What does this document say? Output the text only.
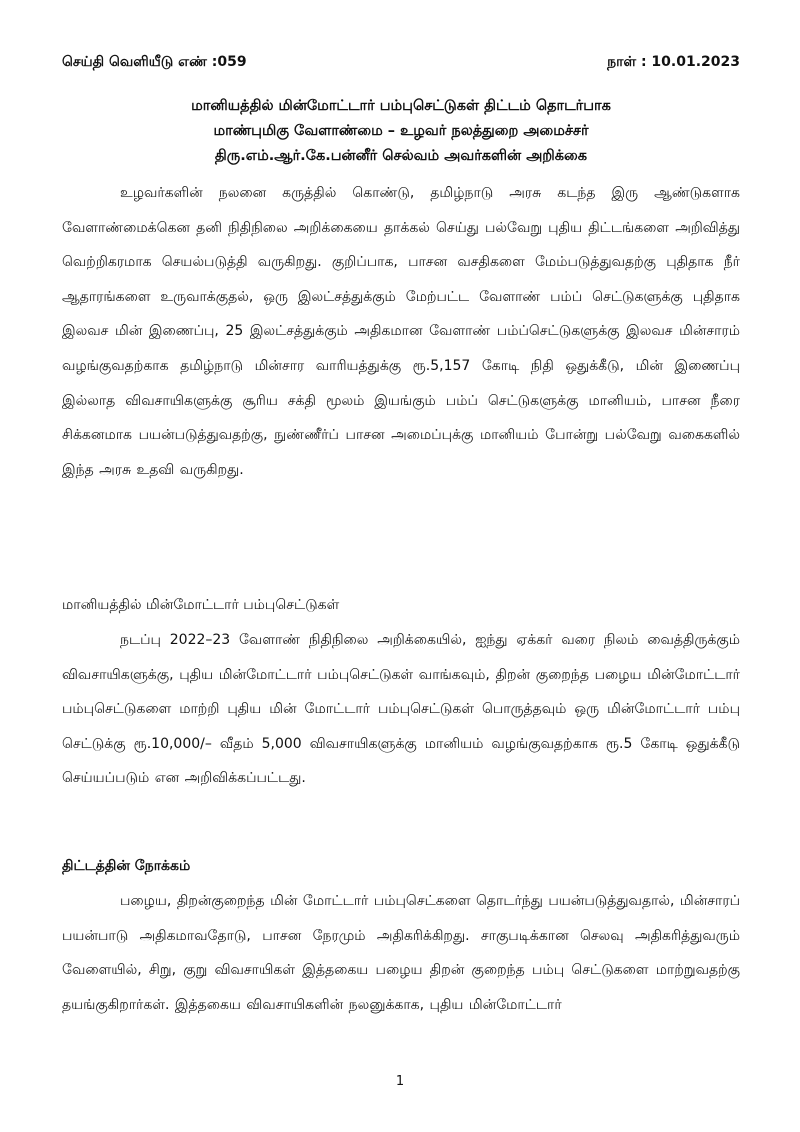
செய்தி வெளியீடு எண் :059	நாள் : 10.01.2023
மானியத்தில் மின்மோட்டார் பம்புசெட்டுகள் திட்டம் தொடர்பாக
மாண்புமிகு வேளாண்மை – உழவர் நலத்துறை அமைச்சர்
திரு.எம்.ஆர்.கே.பன்னீர் செல்வம் அவர்களின் அறிக்கை

உழவர்களின் நலனை கருத்தில் கொண்டு, தமிழ்நாடு அரசு கடந்த இரு ஆண்டுகளாக வேளாண்மைக்கென தனி நிதிநிலை அறிக்கையை தாக்கல் செய்து பல்வேறு புதிய திட்டங்களை அறிவித்து வெற்றிகரமாக செயல்படுத்தி வருகிறது. குறிப்பாக, பாசன வசதிகளை மேம்படுத்துவதற்கு புதிதாக நீர் ஆதாரங்களை உருவாக்குதல், ஒரு இலட்சத்துக்கும் மேற்பட்ட வேளாண் பம்ப் செட்டுகளுக்கு புதிதாக இலவச மின் இணைப்பு, 25 இலட்சத்துக்கும் அதிகமான வேளாண் பம்ப்செட்டுகளுக்கு இலவச மின்சாரம் வழங்குவதற்காக தமிழ்நாடு மின்சார வாரியத்துக்கு ரூ.5,157 கோடி நிதி ஒதுக்கீடு, மின் இணைப்பு இல்லாத விவசாயிகளுக்கு சூரிய சக்தி மூலம் இயங்கும் பம்ப் செட்டுகளுக்கு மானியம், பாசன நீரை சிக்கனமாக பயன்படுத்துவதற்கு, நுண்ணீர்ப் பாசன அமைப்புக்கு மானியம் போன்று பல்வேறு வகைகளில் இந்த அரசு உதவி வருகிறது.

மானியத்தில் மின்மோட்டார் பம்புசெட்டுகள்

நடப்பு 2022–23 வேளாண் நிதிநிலை அறிக்கையில், ஐந்து ஏக்கர் வரை நிலம் வைத்திருக்கும் விவசாயிகளுக்கு, புதிய மின்மோட்டார் பம்புசெட்டுகள் வாங்கவும், திறன் குறைந்த பழைய மின்மோட்டார் பம்புசெட்டுகளை மாற்றி புதிய மின் மோட்டார் பம்புசெட்டுகள் பொருத்தவும் ஒரு மின்மோட்டார் பம்பு செட்டுக்கு ரூ.10,000/– வீதம் 5,000 விவசாயிகளுக்கு மானியம் வழங்குவதற்காக ரூ.5 கோடி ஒதுக்கீடு செய்யப்படும் என அறிவிக்கப்பட்டது.

திட்டத்தின் நோக்கம்

பழைய, திறன்குறைந்த மின் மோட்டார் பம்புசெட்களை தொடர்ந்து பயன்படுத்துவதால், மின்சாரப் பயன்பாடு அதிகமாவதோடு, பாசன நேரமும் அதிகரிக்கிறது. சாகுபடிக்கான செலவு அதிகரித்துவரும் வேளையில், சிறு, குறு விவசாயிகள் இத்தகைய பழைய திறன் குறைந்த பம்பு செட்டுகளை மாற்றுவதற்கு தயங்குகிறார்கள். இத்தகைய விவசாயிகளின் நலனுக்காக, புதிய மின்மோட்டார்

1
